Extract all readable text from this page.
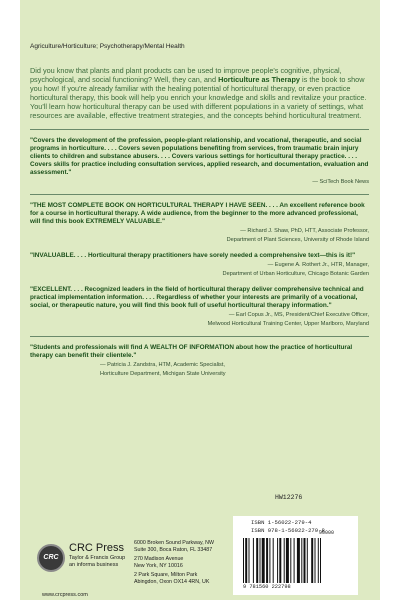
Agriculture/Horticulture; Psychotherapy/Mental Health

Did you know that plants and plant products can be used to improve people's cognitive, physical, psychological, and social functioning? Well, they can, and Horticulture as Therapy is the book to show you how! If you're already familiar with the healing potential of horticultural therapy, or even practice horticultural therapy, this book will help you enrich your knowledge and skills and revitalize your practice. You'll learn how horticultural therapy can be used with different populations in a variety of settings, what resources are available, effective treatment strategies, and the concepts behind horticultural treatment.

"Covers the development of the profession, people-plant relationship, and vocational, therapeutic, and social programs in horticulture. . . . Covers seven populations benefiting from services, from traumatic brain injury clients to children and substance abusers. . . . Covers various settings for horticultural therapy practice. . . . Covers skills for practice including consultation services, applied research, and documentation, evaluation and assessment."
— SciTech Book News
"THE MOST COMPLETE BOOK ON HORTICULTURAL THERAPY I HAVE SEEN. . . . An excellent reference book for a course in horticultural therapy. A wide audience, from the beginner to the more advanced professional, will find this book EXTREMELY VALUABLE."
— Richard J. Shaw, PhD, HTT, Associate Professor,
Department of Plant Sciences, University of Rhode Island
"INVALUABLE. . . . Horticultural therapy practitioners have sorely needed a comprehensive text—this is it!"
— Eugene A. Rothert Jr., HTR, Manager,
Department of Urban Horticulture, Chicago Botanic Garden
"EXCELLENT. . . . Recognized leaders in the field of horticultural therapy deliver comprehensive technical and practical implementation information. . . . Regardless of whether your interests are primarily of a vocational, social, or therapeutic nature, you will find this book full of useful horticultural therapy information."
— Earl Copus Jr., MS, President/Chief Executive Officer,
Melwood Horticultural Training Center, Upper Marlboro, Maryland
"Students and professionals will find A WEALTH OF INFORMATION about how the practice of horticultural therapy can benefit their clientele."
— Patricia J. Zandstra, HTM, Academic Specialist,
Horticulture Department, Michigan State University
HW12276
CRC
CRC Press
Taylor & Francis Group
an informa business
www.crcpress.com
6000 Broken Sound Parkway, NW
Suite 300, Boca Raton, FL 33487
270 Madison Avenue
New York, NY 10016
2 Park Square, Milton Park
Abingdon, Oxon OX14 4RN, UK
ISBN 1-56022-279-4
ISBN 978-1-56022-279-8
90000
9 781560 222798
